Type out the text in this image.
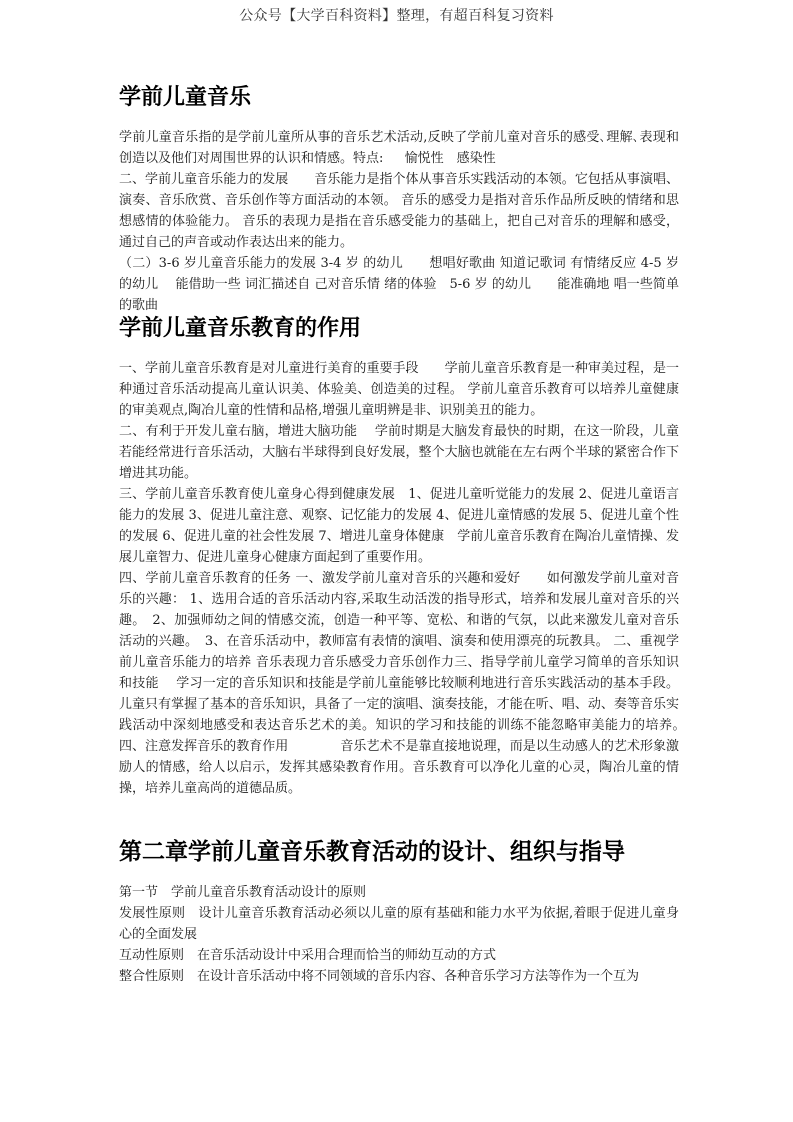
公众号【大学百科资料】整理，有超百科复习资料
学前儿童音乐

学前儿童音乐指的是学前儿童所从事的音乐艺术活动,反映了学前儿童对音乐的感受､理解､表现和创造以及他们对周围世界的认识和情感。特点: 　 愉悦性　感染性

二、学前儿童音乐能力的发展　　音乐能力是指个体从事音乐实践活动的本领。它包括从事演唱、演奏、音乐欣赏、音乐创作等方面活动的本领。 音乐的感受力是指对音乐作品所反映的情绪和思想感情的体验能力。 音乐的表现力是指在音乐感受能力的基础上，把自己对音乐的理解和感受，通过自己的声音或动作表达出来的能力。

（二）3-6 岁儿童音乐能力的发展 3-4 岁 的幼儿　　想唱好歌曲 知道记歌词 有情绪反应 4-5 岁 的幼儿　 能借助一些 词汇描述自 己对音乐情 绪的体验　5-6 岁 的幼儿　　能准确地 唱一些简单的歌曲

学前儿童音乐教育的作用

一、学前儿童音乐教育是对儿童进行美育的重要手段　　学前儿童音乐教育是一种审美过程，是一种通过音乐活动提高儿童认识美、体验美、创造美的过程。 学前儿童音乐教育可以培养儿童健康的审美观点,陶冶儿童的性情和品格,增强儿童明辨是非、识别美丑的能力。

二、有利于开发儿童右脑，增进大脑功能　 学前时期是大脑发育最快的时期，在这一阶段，儿童若能经常进行音乐活动，大脑右半球得到良好发展，整个大脑也就能在左右两个半球的紧密合作下增进其功能。

三、学前儿童音乐教育使儿童身心得到健康发展　1、促进儿童听觉能力的发展 2、促进儿童语言能力的发展 3、促进儿童注意、观察、记忆能力的发展 4、促进儿童情感的发展 5、促进儿童个性的发展 6、促进儿童的社会性发展 7、增进儿童身体健康　学前儿童音乐教育在陶冶儿童情操、发展儿童智力、促进儿童身心健康方面起到了重要作用。

四、学前儿童音乐教育的任务 一、激发学前儿童对音乐的兴趣和爱好　　如何激发学前儿童对音乐的兴趣： 1、选用合适的音乐活动内容,采取生动活泼的指导形式，培养和发展儿童对音乐的兴趣。　2、加强师幼之间的情感交流，创造一种平等、宽松、和谐的气氛，以此来激发儿童对音乐活动的兴趣。　3、在音乐活动中，教师富有表情的演唱、演奏和使用漂亮的玩教具。 二、重视学前儿童音乐能力的培养 音乐表现力音乐感受力音乐创作力三、指导学前儿童学习简单的音乐知识和技能　 学习一定的音乐知识和技能是学前儿童能够比较顺利地进行音乐实践活动的基本手段。儿童只有掌握了基本的音乐知识，具备了一定的演唱、演奏技能，才能在听、唱、动、奏等音乐实践活动中深刻地感受和表达音乐艺术的美。知识的学习和技能的训练不能忽略审美能力的培养。　　　　四、注意发挥音乐的教育作用　　　　音乐艺术不是靠直接地说理，而是以生动感人的艺术形象激励人的情感，给人以启示，发挥其感染教育作用。音乐教育可以净化儿童的心灵，陶冶儿童的情操，培养儿童高尚的道德品质。

第二章学前儿童音乐教育活动的设计、组织与指导

第一节　学前儿童音乐教育活动设计的原则

发展性原则　设计儿童音乐教育活动必须以儿童的原有基础和能力水平为依据,着眼于促进儿童身心的全面发展

互动性原则　在音乐活动设计中采用合理而恰当的师幼互动的方式

整合性原则　在设计音乐活动中将不同领域的音乐内容、各种音乐学习方法等作为一个互为
